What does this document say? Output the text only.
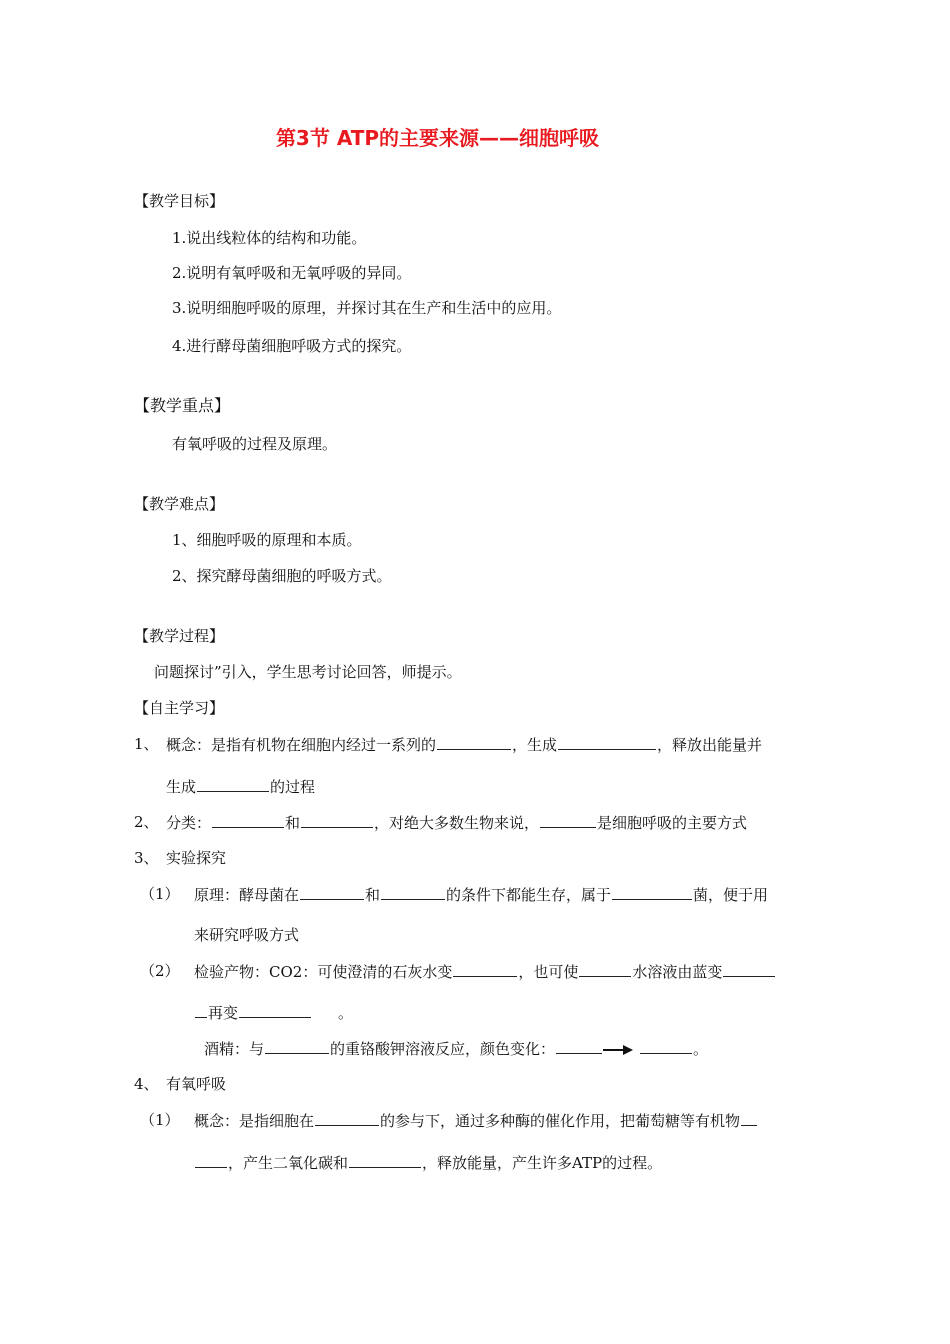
第3节 ATP的主要来源——细胞呼吸
【教学目标】
1.说出线粒体的结构和功能。
2.说明有氧呼吸和无氧呼吸的异同。
3.说明细胞呼吸的原理，并探讨其在生产和生活中的应用。
4.进行酵母菌细胞呼吸方式的探究。
【教学重点】
有氧呼吸的过程及原理。
【教学难点】
1、细胞呼吸的原理和本质。
2、探究酵母菌细胞的呼吸方式。
【教学过程】
问题探讨”引入，学生思考讨论回答，师提示。
【自主学习】
1、 概念：是指有机物在细胞内经过一系列的	，生成	，释放出能量并
生成	的过程
2、 分类：	和	，对绝大多数生物来说，	是细胞呼吸的主要方式
3、 实验探究
（1） 原理：酵母菌在	和	的条件下都能生存，属于	菌，便于用
来研究呼吸方式
（2） 检验产物：CO2：可使澄清的石灰水变	，也可使	水溶液由蓝变
再变	。
酒精：与	的重铬酸钾溶液反应，颜色变化：	。
4、 有氧呼吸
（1） 概念：是指细胞在	的参与下，通过多种酶的催化作用，把葡萄糖等有机物
，产生二氧化碳和	，释放能量，产生许多ATP的过程。
